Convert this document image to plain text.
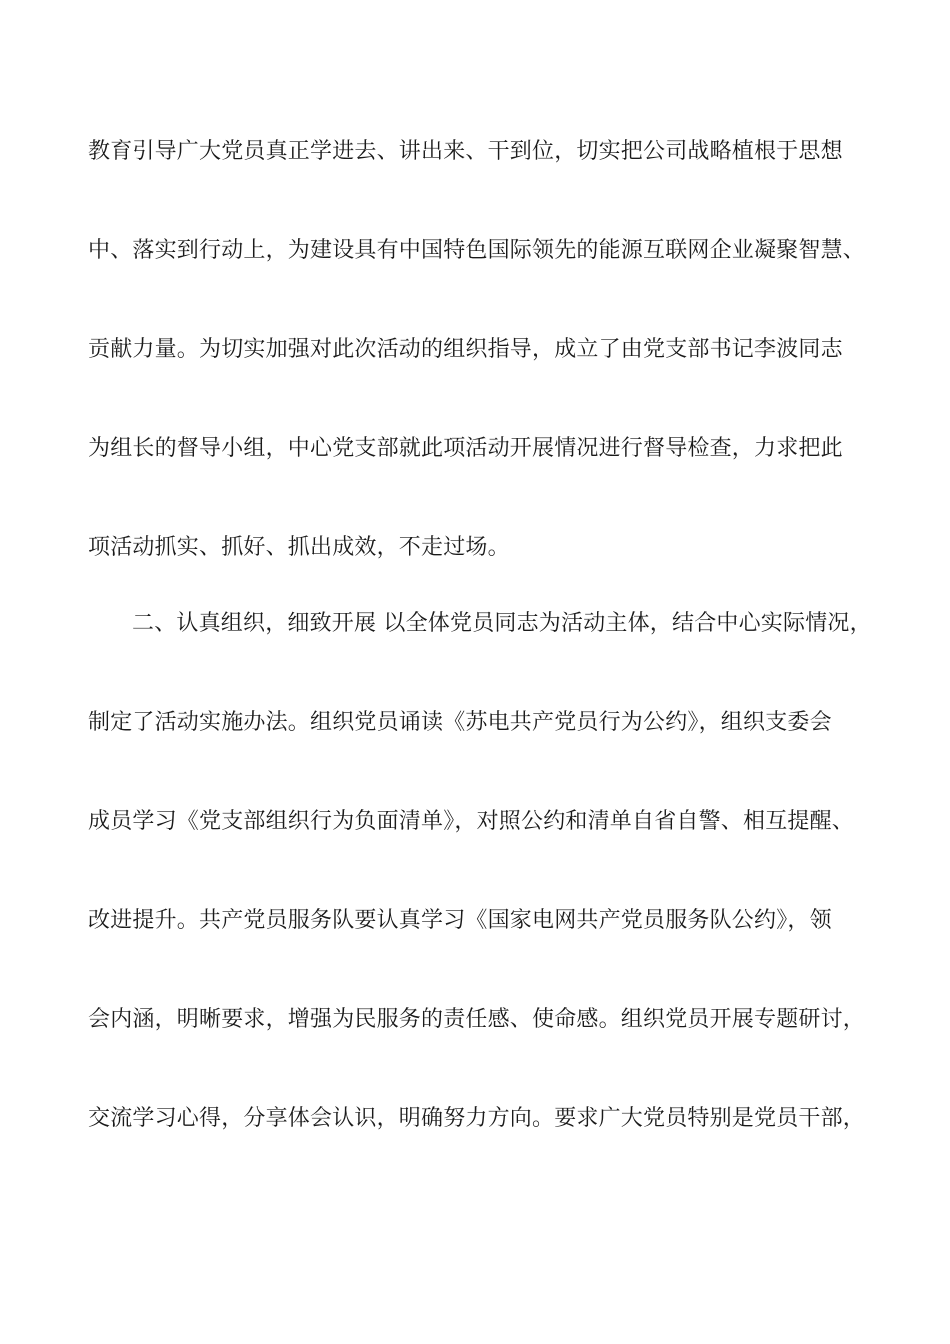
教育引导广大党员真正学进去、讲出来、干到位，切实把公司战略植根于思想
中、落实到行动上，为建设具有中国特色国际领先的能源互联网企业凝聚智慧、
贡献力量。为切实加强对此次活动的组织指导，成立了由党支部书记李波同志
为组长的督导小组，中心党支部就此项活动开展情况进行督导检查，力求把此
项活动抓实、抓好、抓出成效，不走过场。
二、认真组织，细致开展 以全体党员同志为活动主体，结合中心实际情况，
制定了活动实施办法。组织党员诵读《苏电共产党员行为公约》，组织支委会
成员学习《党支部组织行为负面清单》，对照公约和清单自省自警、相互提醒、
改进提升。共产党员服务队要认真学习《国家电网共产党员服务队公约》，领
会内涵，明晰要求，增强为民服务的责任感、使命感。组织党员开展专题研讨，
交流学习心得，分享体会认识，明确努力方向。要求广大党员特别是党员干部，
